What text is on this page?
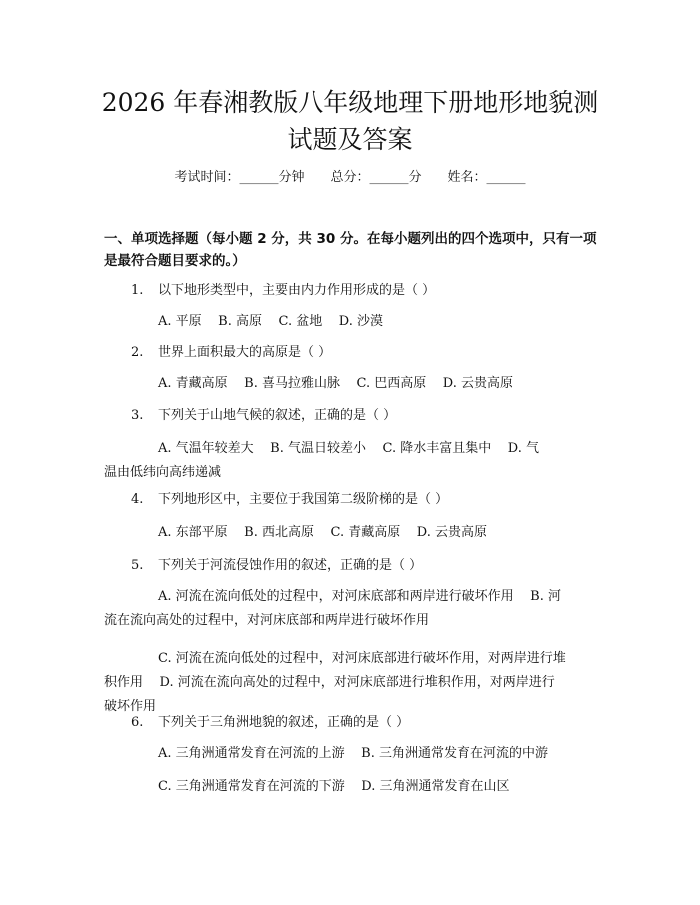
2026 年春湘教版八年级地理下册地形地貌测
试题及答案
考试时间：______分钟 总分：______分 姓名：______
一、单项选择题（每小题 2 分，共 30 分。在每小题列出的四个选项中，只有一项
是最符合题目要求的。）
1. 以下地形类型中，主要由内力作用形成的是（ ）
A. 平原    B. 高原    C. 盆地    D. 沙漠
2. 世界上面积最大的高原是（ ）
A. 青藏高原    B. 喜马拉雅山脉    C. 巴西高原    D. 云贵高原
3. 下列关于山地气候的叙述，正确的是（ ）
A. 气温年较差大    B. 气温日较差小    C. 降水丰富且集中    D. 气
温由低纬向高纬递减
4. 下列地形区中，主要位于我国第二级阶梯的是（ ）
A. 东部平原    B. 西北高原    C. 青藏高原    D. 云贵高原
5. 下列关于河流侵蚀作用的叙述，正确的是（ ）
A. 河流在流向低处的过程中，对河床底部和两岸进行破坏作用    B. 河
流在流向高处的过程中，对河床底部和两岸进行破坏作用
C. 河流在流向低处的过程中，对河床底部进行破坏作用，对两岸进行堆
积作用    D. 河流在流向高处的过程中，对河床底部进行堆积作用，对两岸进行
破坏作用
6. 下列关于三角洲地貌的叙述，正确的是（ ）
A. 三角洲通常发育在河流的上游    B. 三角洲通常发育在河流的中游
C. 三角洲通常发育在河流的下游    D. 三角洲通常发育在山区
